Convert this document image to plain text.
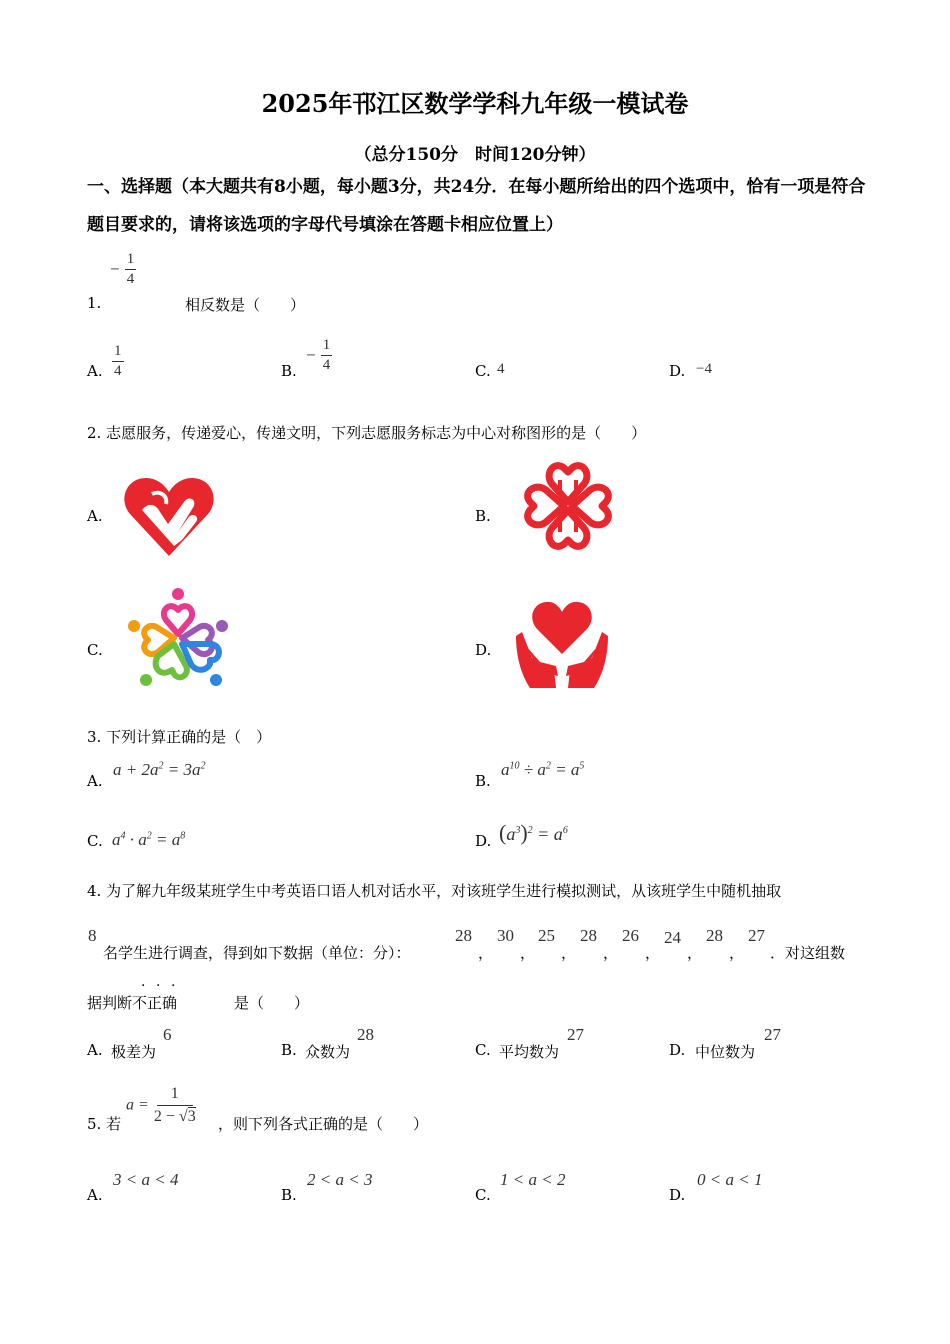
2025年邗江区数学学科九年级一模试卷
（总分150分　时间120分钟）
一、选择题（本大题共有8小题，每小题3分，共24分．在每小题所给出的四个选项中，恰有一项是符合题目要求的，请将该选项的字母代号填涂在答题卡相应位置上）
− $\frac{1}{4}$
1.	相反数是（　　）
A. $\frac{1}{4}$	B.
− $\frac{1}{4}$	C. 4	D. −4
2. 志愿服务，传递爱心，传递文明，下列志愿服务标志为中心对称图形的是（　　）
A.	B.
C.	D.
3. 下列计算正确的是（　）
A.
$a + 2a^2 = 3a^2$
B.
$a^{10} \div a^2 = a^5$
C. $a^4 \cdot a^2 = a^8$	D. $(a^3)^2 = a^6$
4. 为了解九年级某班学生中考英语口语人机对话水平，对该班学生进行模拟测试，从该班学生中随机抽取
8
名学生进行调查，得到如下数据（单位：分）：
28
，
30
，
25
，
28
，
26
，
24
，
28
，
27
．对这组数
据判断不正确
· · ·
是（　　）
A. 极差为
6
B. 众数为
28
C. 平均数为
27
D. 中位数为
27
5. 若
$a = \frac{1}{2 - √3}$ ，则下列各式正确的是（　　）
A.
3 < a < 4
B.
2 < a < 3
C.
1 < a < 2
D.
0 < a < 1
